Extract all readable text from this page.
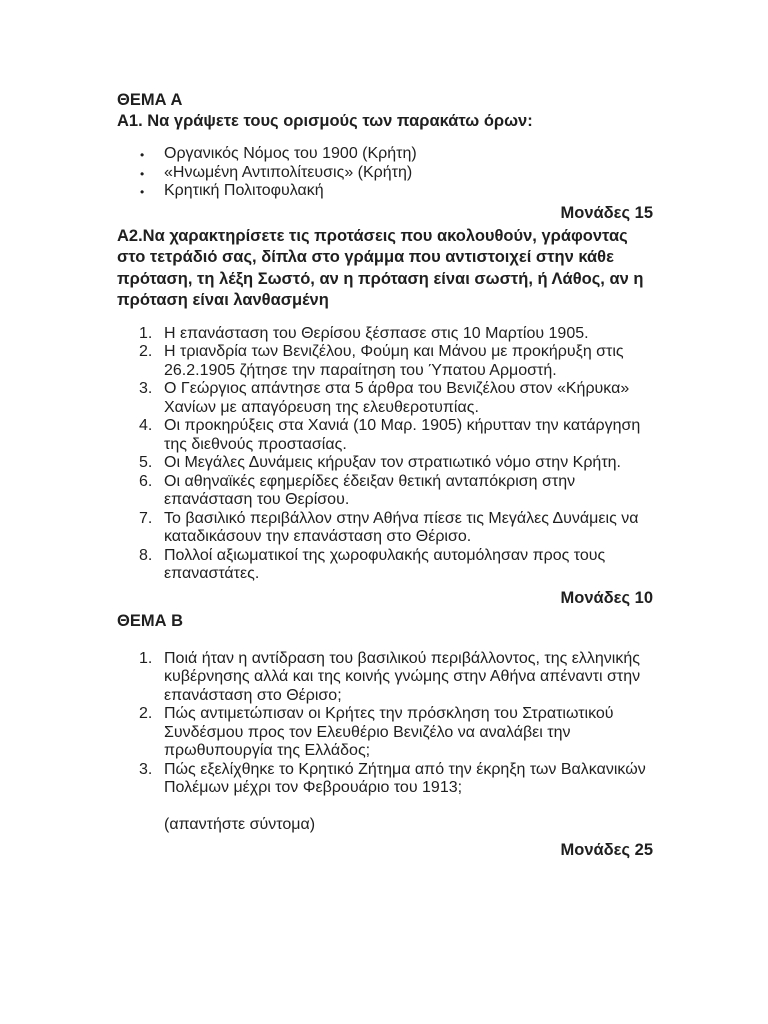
ΘΕΜΑ Α

Α1. Να γράψετε τους ορισμούς των παρακάτω όρων:

• Οργανικός Νόμος του 1900 (Κρήτη)
• «Ηνωμένη Αντιπολίτευσις» (Κρήτη)
• Κρητική Πολιτοφυλακή
Μονάδες 15

Α2.Να χαρακτηρίσετε τις προτάσεις που ακολουθούν, γράφοντας στο τετράδιό σας, δίπλα στο γράμμα που αντιστοιχεί στην κάθε πρόταση, τη λέξη Σωστό, αν η πρόταση είναι σωστή, ή Λάθος, αν η πρόταση είναι λανθασμένη

1. Η επανάσταση του Θερίσου ξέσπασε στις 10 Μαρτίου 1905.
2. Η τριανδρία των Βενιζέλου, Φούμη και Μάνου με προκήρυξη στις 26.2.1905 ζήτησε την παραίτηση του Ύπατου Αρμοστή.
3. Ο Γεώργιος απάντησε στα 5 άρθρα του Βενιζέλου στον «Κήρυκα» Χανίων με απαγόρευση της ελευθεροτυπίας.
4. Οι προκηρύξεις στα Χανιά (10 Μαρ. 1905) κήρυτταν την κατάργηση της διεθνούς προστασίας.
5. Οι Μεγάλες Δυνάμεις κήρυξαν τον στρατιωτικό νόμο στην Κρήτη.
6. Οι αθηναϊκές εφημερίδες έδειξαν θετική ανταπόκριση στην επανάσταση του Θερίσου.
7. Το βασιλικό περιβάλλον στην Αθήνα πίεσε τις Μεγάλες Δυνάμεις να καταδικάσουν την επανάσταση στο Θέρισο.
8. Πολλοί αξιωματικοί της χωροφυλακής αυτομόλησαν προς τους επαναστάτες.
Μονάδες 10

ΘΕΜΑ Β

1. Ποιά ήταν η αντίδραση του βασιλικού περιβάλλοντος, της ελληνικής κυβέρνησης αλλά και της κοινής γνώμης στην Αθήνα απέναντι στην επανάσταση στο Θέρισο;
2. Πώς αντιμετώπισαν οι Κρήτες την πρόσκληση του Στρατιωτικού Συνδέσμου προς τον Ελευθέριο Βενιζέλο να αναλάβει την πρωθυπουργία της Ελλάδος;
3. Πώς εξελίχθηκε το Κρητικό Ζήτημα από την έκρηξη των Βαλκανικών Πολέμων μέχρι τον Φεβρουάριο του 1913;
(απαντήστε σύντομα)
Μονάδες 25
